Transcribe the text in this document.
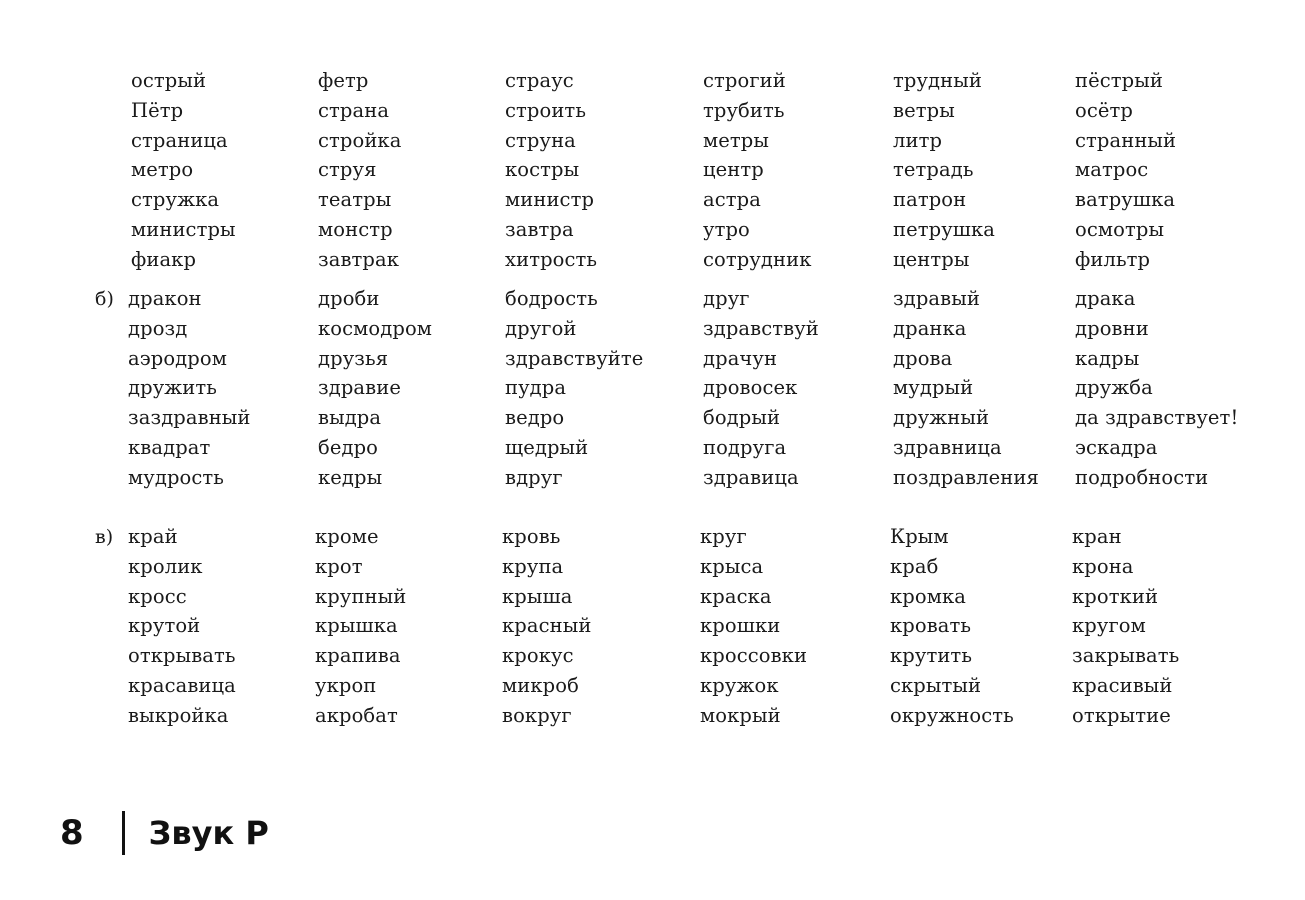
острый
Пётр
страница
метро
стружка
министры
фиакр
фетр
страна
стройка
струя
театры
монстр
завтрак
страус
строить
струна
костры
министр
завтра
хитрость
строгий
трубить
метры
центр
астра
утро
сотрудник
трудный
ветры
литр
тетрадь
патрон
петрушка
центры
пёстрый
осётр
странный
матрос
ватрушка
осмотры
фильтр
б) дракон
дрозд
аэродром
дружить
заздравный
квадрат
мудрость
дроби
космодром
друзья
здравие
выдра
бедро
кедры
бодрость
другой
здравствуйте
пудра
ведро
щедрый
вдруг
друг
здравствуй
драчун
дровосек
бодрый
подруга
здравица
здравый
дранка
дрова
мудрый
дружный
здравница
поздравления
драка
дровни
кадры
дружба
да здравствует!
эскадра
подробности
в) край
кролик
кросс
крутой
открывать
красавица
выкройка
кроме
крот
крупный
крышка
крапива
укроп
акробат
кровь
крупа
крыша
красный
крокус
микроб
вокруг
круг
крыса
краска
крошки
кроссовки
кружок
мокрый
Крым
краб
кромка
кровать
крутить
скрытый
окружность
кран
крона
кроткий
кругом
закрывать
красивый
открытие
8 Звук Р
